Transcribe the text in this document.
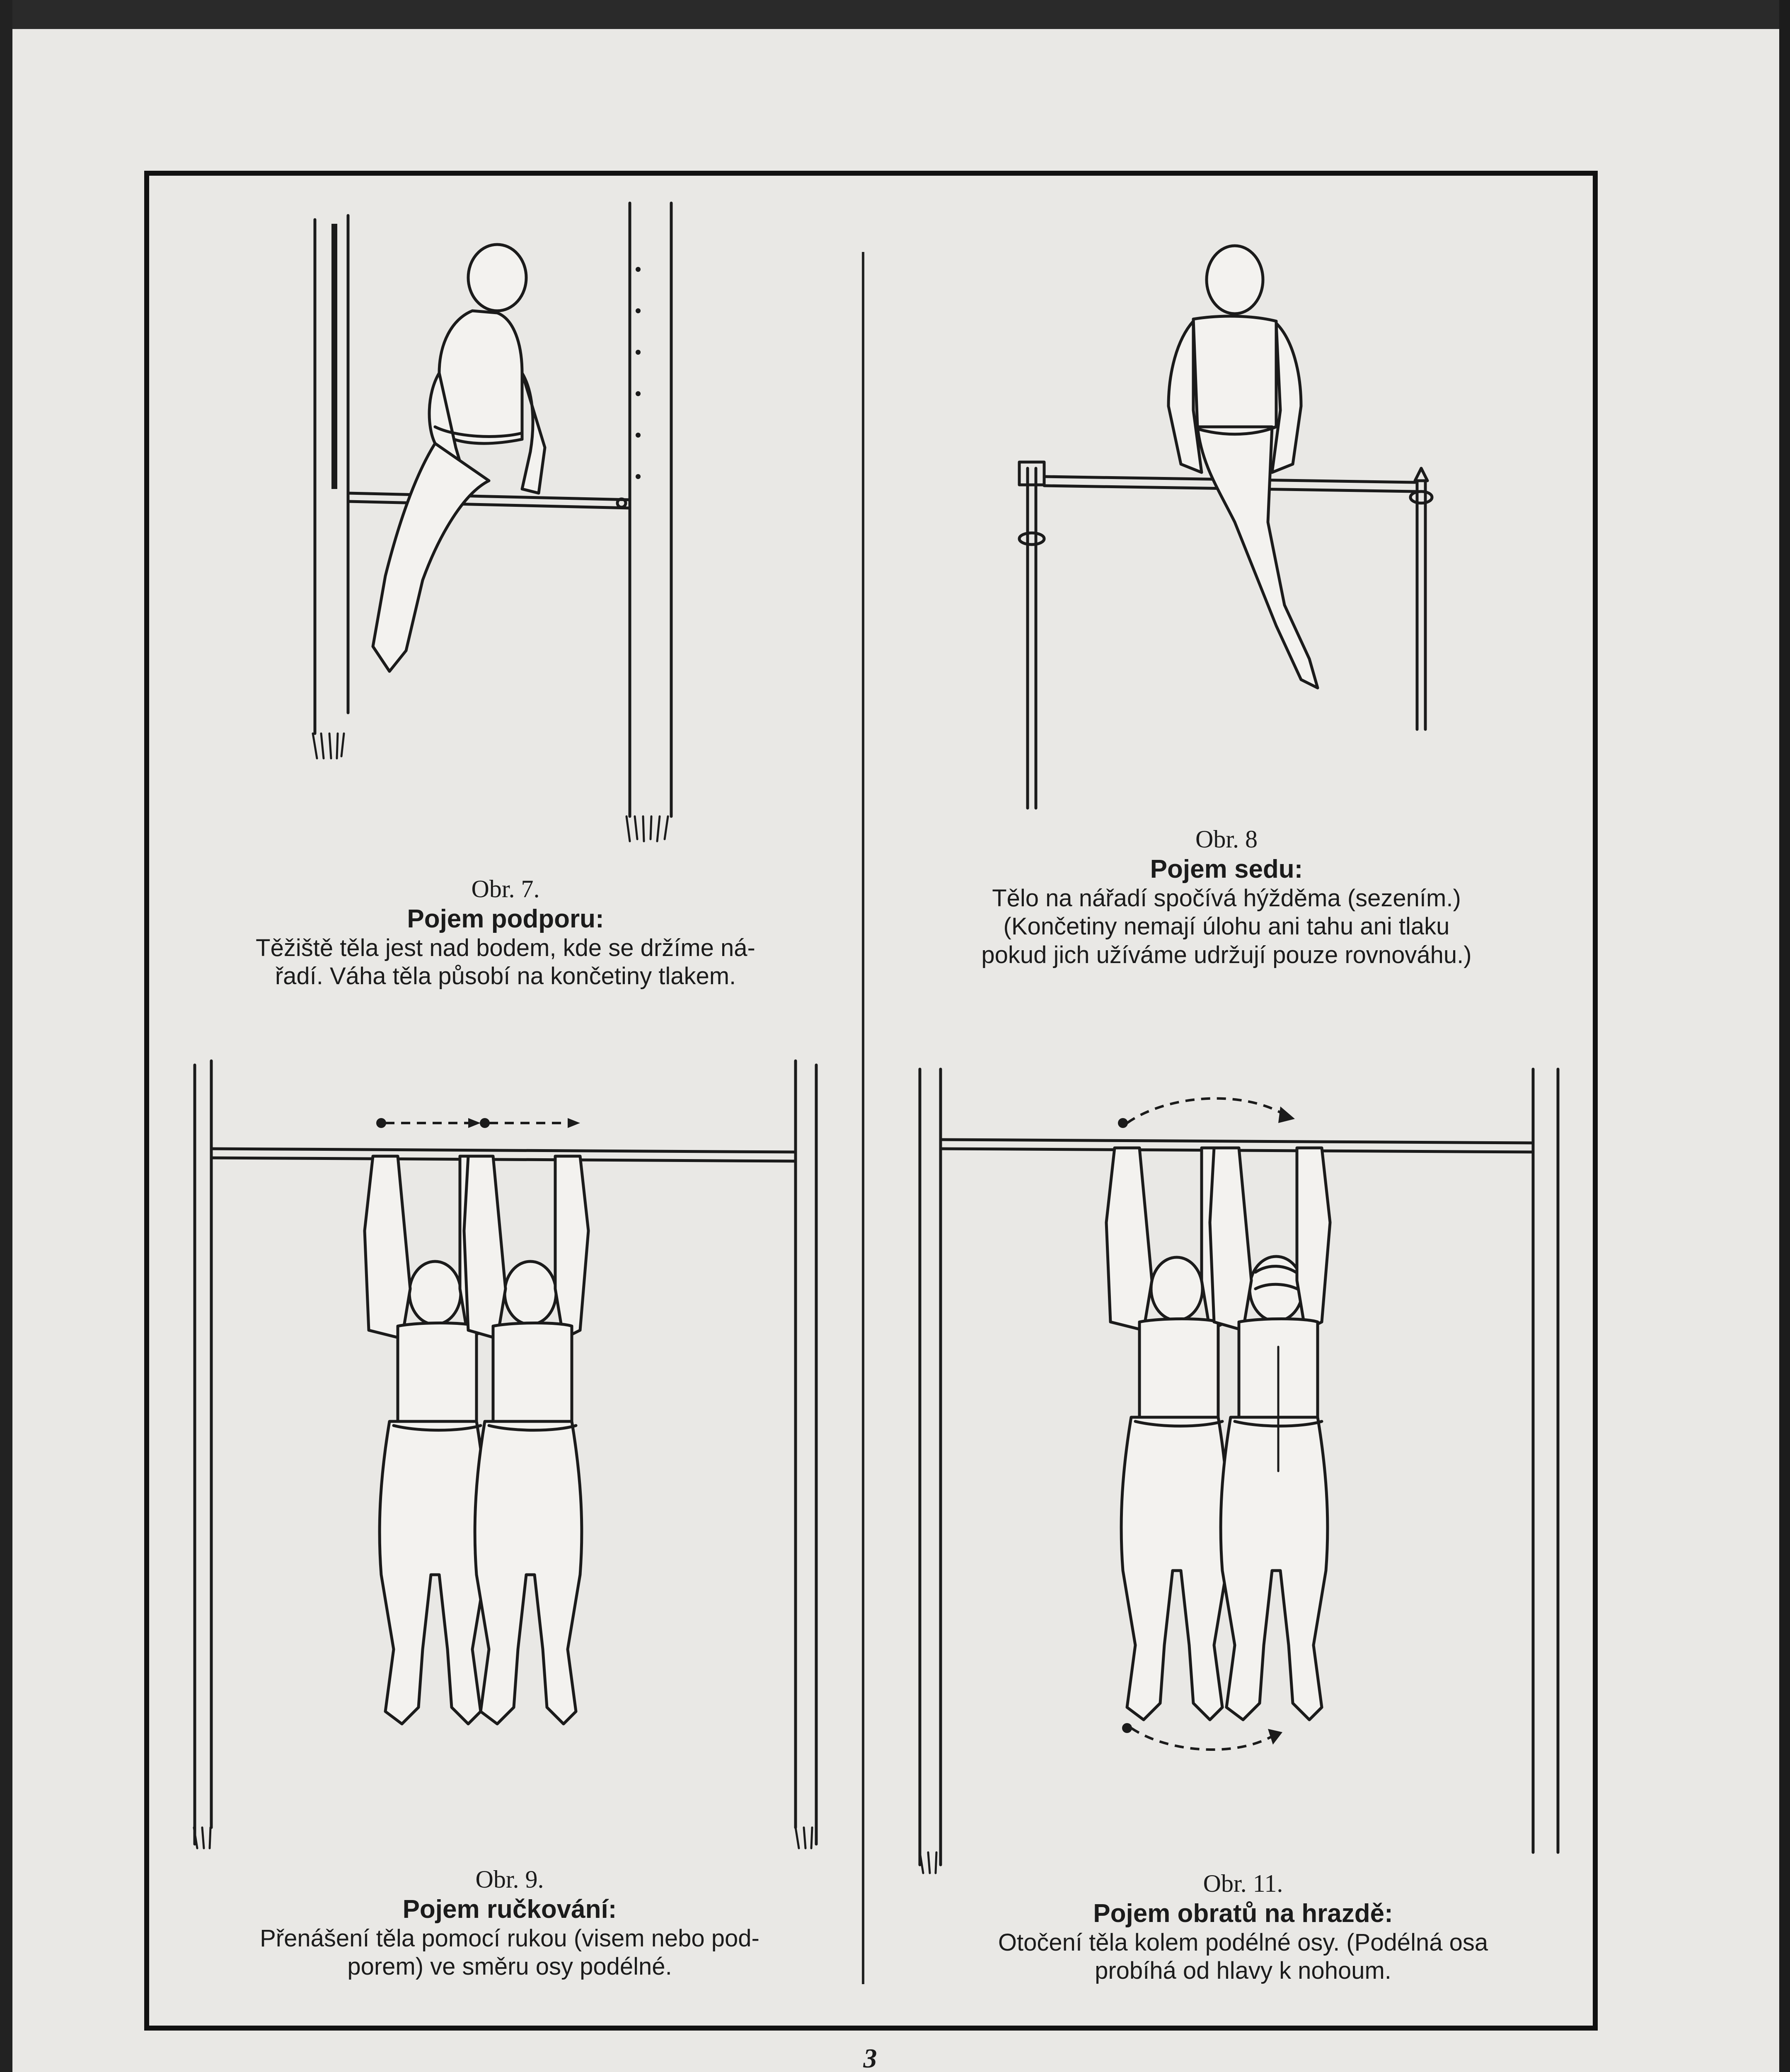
Obr. 7.
Pojem podporu:
Těžiště těla jest nad bodem, kde se držíme ná-
řadí. Váha těla působí na končetiny tlakem.
Obr. 8
Pojem sedu:
Tělo na nářadí spočívá hýžděma (sezením.)
(Končetiny nemají úlohu ani tahu ani tlaku
pokud jich užíváme udržují pouze rovnováhu.)
Obr. 9.
Pojem ručkování:
Přenášení těla pomocí rukou (visem nebo pod-
porem) ve směru osy podélné.
Obr. 11.
Pojem obratů na hrazdě:
Otočení těla kolem podélné osy. (Podélná osa
probíhá od hlavy k nohoum.
3
